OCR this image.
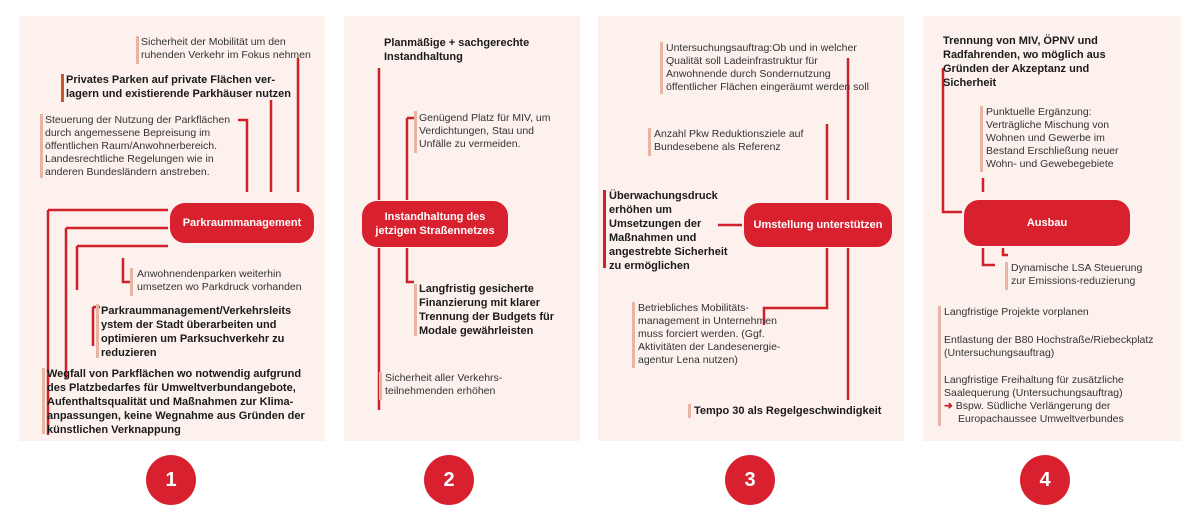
Sicherheit der Mobilität um den
ruhenden Verkehr im Fokus nehmen
Privates Parken auf private Flächen ver-
lagern und existierende Parkhäuser nutzen
Steuerung der Nutzung der Parkflächen
durch angemessene Bepreisung im
öffentlichen Raum/Anwohnerbereich.
Landesrechtliche Regelungen wie in
anderen Bundesländern anstreben.
Parkraummanagement
Anwohnendenparken weiterhin
umsetzen wo Parkdruck vorhanden
Parkraummanagement/Verkehrsleits
ystem der Stadt überarbeiten und
optimieren um Parksuchverkehr zu
reduzieren
Wegfall von Parkflächen wo notwendig aufgrund
des Platzbedarfes für Umweltverbundangebote,
Aufenthaltsqualität und Maßnahmen zur Klima-
anpassungen, keine Wegnahme aus Gründen der
künstlichen Verknappung
Planmäßige + sachgerechte
Instandhaltung
Genügend Platz für MIV, um
Verdichtungen, Stau und
Unfälle zu vermeiden.
Instandhaltung des
jetzigen Straßennetzes
Langfristig gesicherte
Finanzierung mit klarer
Trennung der Budgets für
Modale gewährleisten
Sicherheit aller Verkehrs-
teilnehmenden erhöhen
Untersuchungsauftrag:Ob und in welcher
Qualität soll Ladeinfrastruktur für
Anwohnende durch Sondernutzung
öffentlicher Flächen eingeräumt werden soll
Anzahl Pkw Reduktionsziele auf
Bundesebene als Referenz
Überwachungsdruck
erhöhen um
Umsetzungen der
Maßnahmen und
angestrebte Sicherheit
zu ermöglichen
Umstellung unterstützen
Betriebliches Mobilitäts-
management in Unternehmen
muss forciert werden. (Ggf.
Aktivitäten der Landesenergie-
agentur Lena nutzen)
Tempo 30 als Regelgeschwindigkeit
Trennung von MIV, ÖPNV und
Radfahrenden, wo möglich aus
Gründen der Akzeptanz und
Sicherheit
Punktuelle Ergänzung:
Verträgliche Mischung von
Wohnen und Gewerbe im
Bestand Erschließung neuer
Wohn- und Gewebegebiete
Ausbau
Dynamische LSA Steuerung
zur Emissions-reduzierung
Langfristige Projekte vorplanen
Entlastung der B80 Hochstraße/Riebeckplatz
(Untersuchungsauftrag)
Langfristige Freihaltung für zusätzliche
Saalequerung (Untersuchungsauftrag)
➜ Bspw. Südliche Verlängerung der
Europachaussee Umweltverbundes
1	2	3	4
